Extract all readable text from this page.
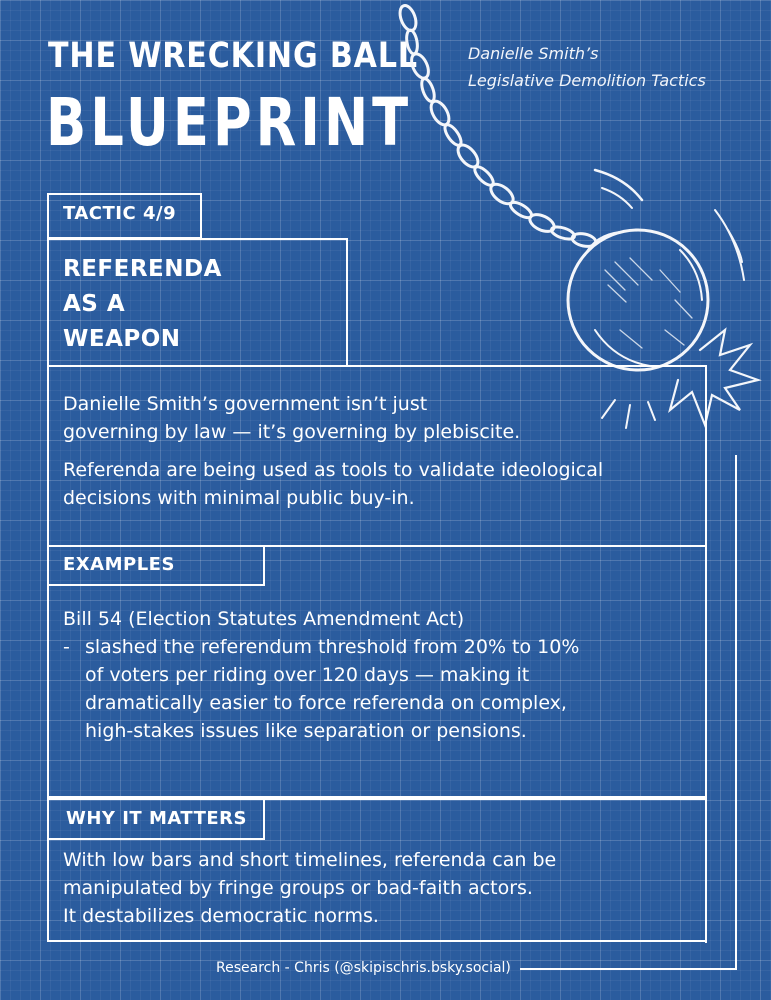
THE WRECKING BALL
BLUEPRINT
Danielle Smith’s
Legislative Demolition Tactics
TACTIC 4/9
REFERENDA
AS A
WEAPON

Danielle Smith’s government isn’t just

governing by law — it’s governing by plebiscite.

Referenda are being used as tools to validate ideological

decisions with minimal public buy-in.

EXAMPLES

Bill 54 (Election Statutes Amendment Act)

- slashed the referendum threshold from 20% to 10%

of voters per riding over 120 days — making it

dramatically easier to force referenda on complex,

high-stakes issues like separation or pensions.

WHY IT MATTERS

With low bars and short timelines, referenda can be

manipulated by fringe groups or bad-faith actors.

It destabilizes democratic norms.

Research - Chris (@skipischris.bsky.social)
